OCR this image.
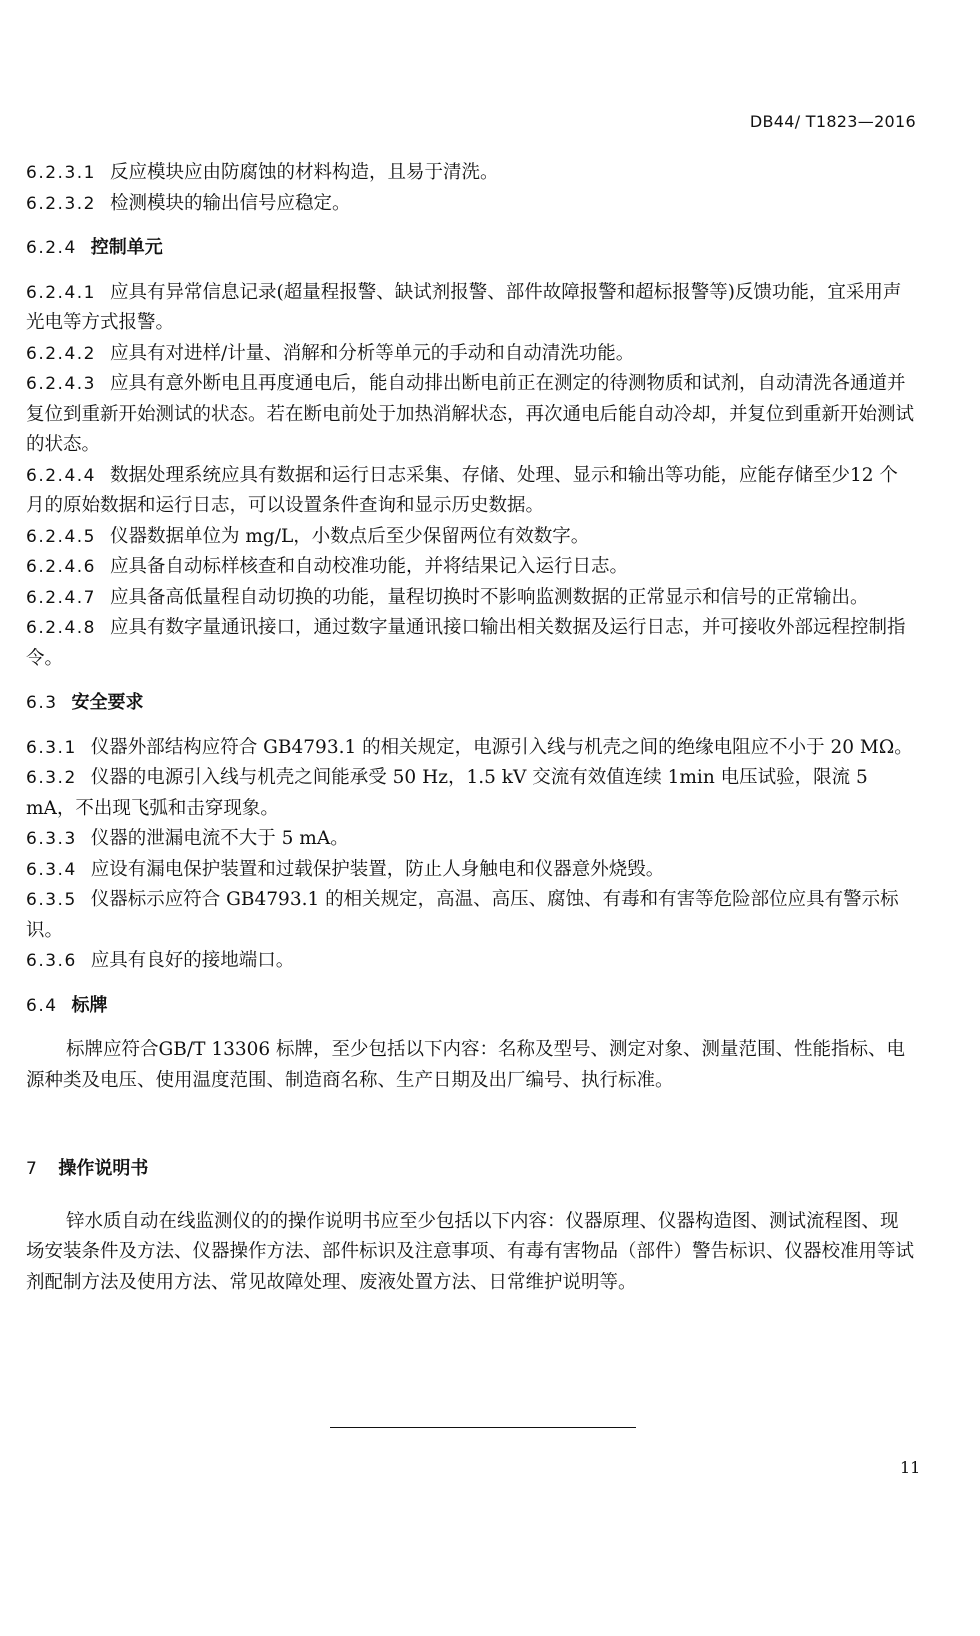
DB44/ T1823—2016

6.2.3.1 反应模块应由防腐蚀的材料构造，且易于清洗。

6.2.3.2 检测模块的输出信号应稳定。

6.2.4 控制单元

6.2.4.1 应具有异常信息记录(超量程报警、缺试剂报警、部件故障报警和超标报警等)反馈功能，宜采用声光电等方式报警。

6.2.4.2 应具有对进样/计量、消解和分析等单元的手动和自动清洗功能。

6.2.4.3 应具有意外断电且再度通电后，能自动排出断电前正在测定的待测物质和试剂，自动清洗各通道并复位到重新开始测试的状态。若在断电前处于加热消解状态，再次通电后能自动冷却，并复位到重新开始测试的状态。

6.2.4.4 数据处理系统应具有数据和运行日志采集、存储、处理、显示和输出等功能，应能存储至少12 个月的原始数据和运行日志，可以设置条件查询和显示历史数据。

6.2.4.5 仪器数据单位为 mg/L，小数点后至少保留两位有效数字。

6.2.4.6 应具备自动标样核查和自动校准功能，并将结果记入运行日志。

6.2.4.7 应具备高低量程自动切换的功能，量程切换时不影响监测数据的正常显示和信号的正常输出。

6.2.4.8 应具有数字量通讯接口，通过数字量通讯接口输出相关数据及运行日志，并可接收外部远程控制指令。

6.3 安全要求

6.3.1 仪器外部结构应符合 GB4793.1 的相关规定，电源引入线与机壳之间的绝缘电阻应不小于 20 MΩ。

6.3.2 仪器的电源引入线与机壳之间能承受 50 Hz，1.5 kV 交流有效值连续 1min 电压试验，限流 5 mA，不出现飞弧和击穿现象。

6.3.3 仪器的泄漏电流不大于 5 mA。

6.3.4 应设有漏电保护装置和过载保护装置，防止人身触电和仪器意外烧毁。

6.3.5 仪器标示应符合 GB4793.1 的相关规定，高温、高压、腐蚀、有毒和有害等危险部位应具有警示标识。

6.3.6 应具有良好的接地端口。

6.4 标牌

标牌应符合GB/T 13306 标牌，至少包括以下内容：名称及型号、测定对象、测量范围、性能指标、电源种类及电压、使用温度范围、制造商名称、生产日期及出厂编号、执行标准。

7 操作说明书

锌水质自动在线监测仪的的操作说明书应至少包括以下内容：仪器原理、仪器构造图、测试流程图、现场安装条件及方法、仪器操作方法、部件标识及注意事项、有毒有害物品（部件）警告标识、仪器校准用等试剂配制方法及使用方法、常见故障处理、废液处置方法、日常维护说明等。

11
